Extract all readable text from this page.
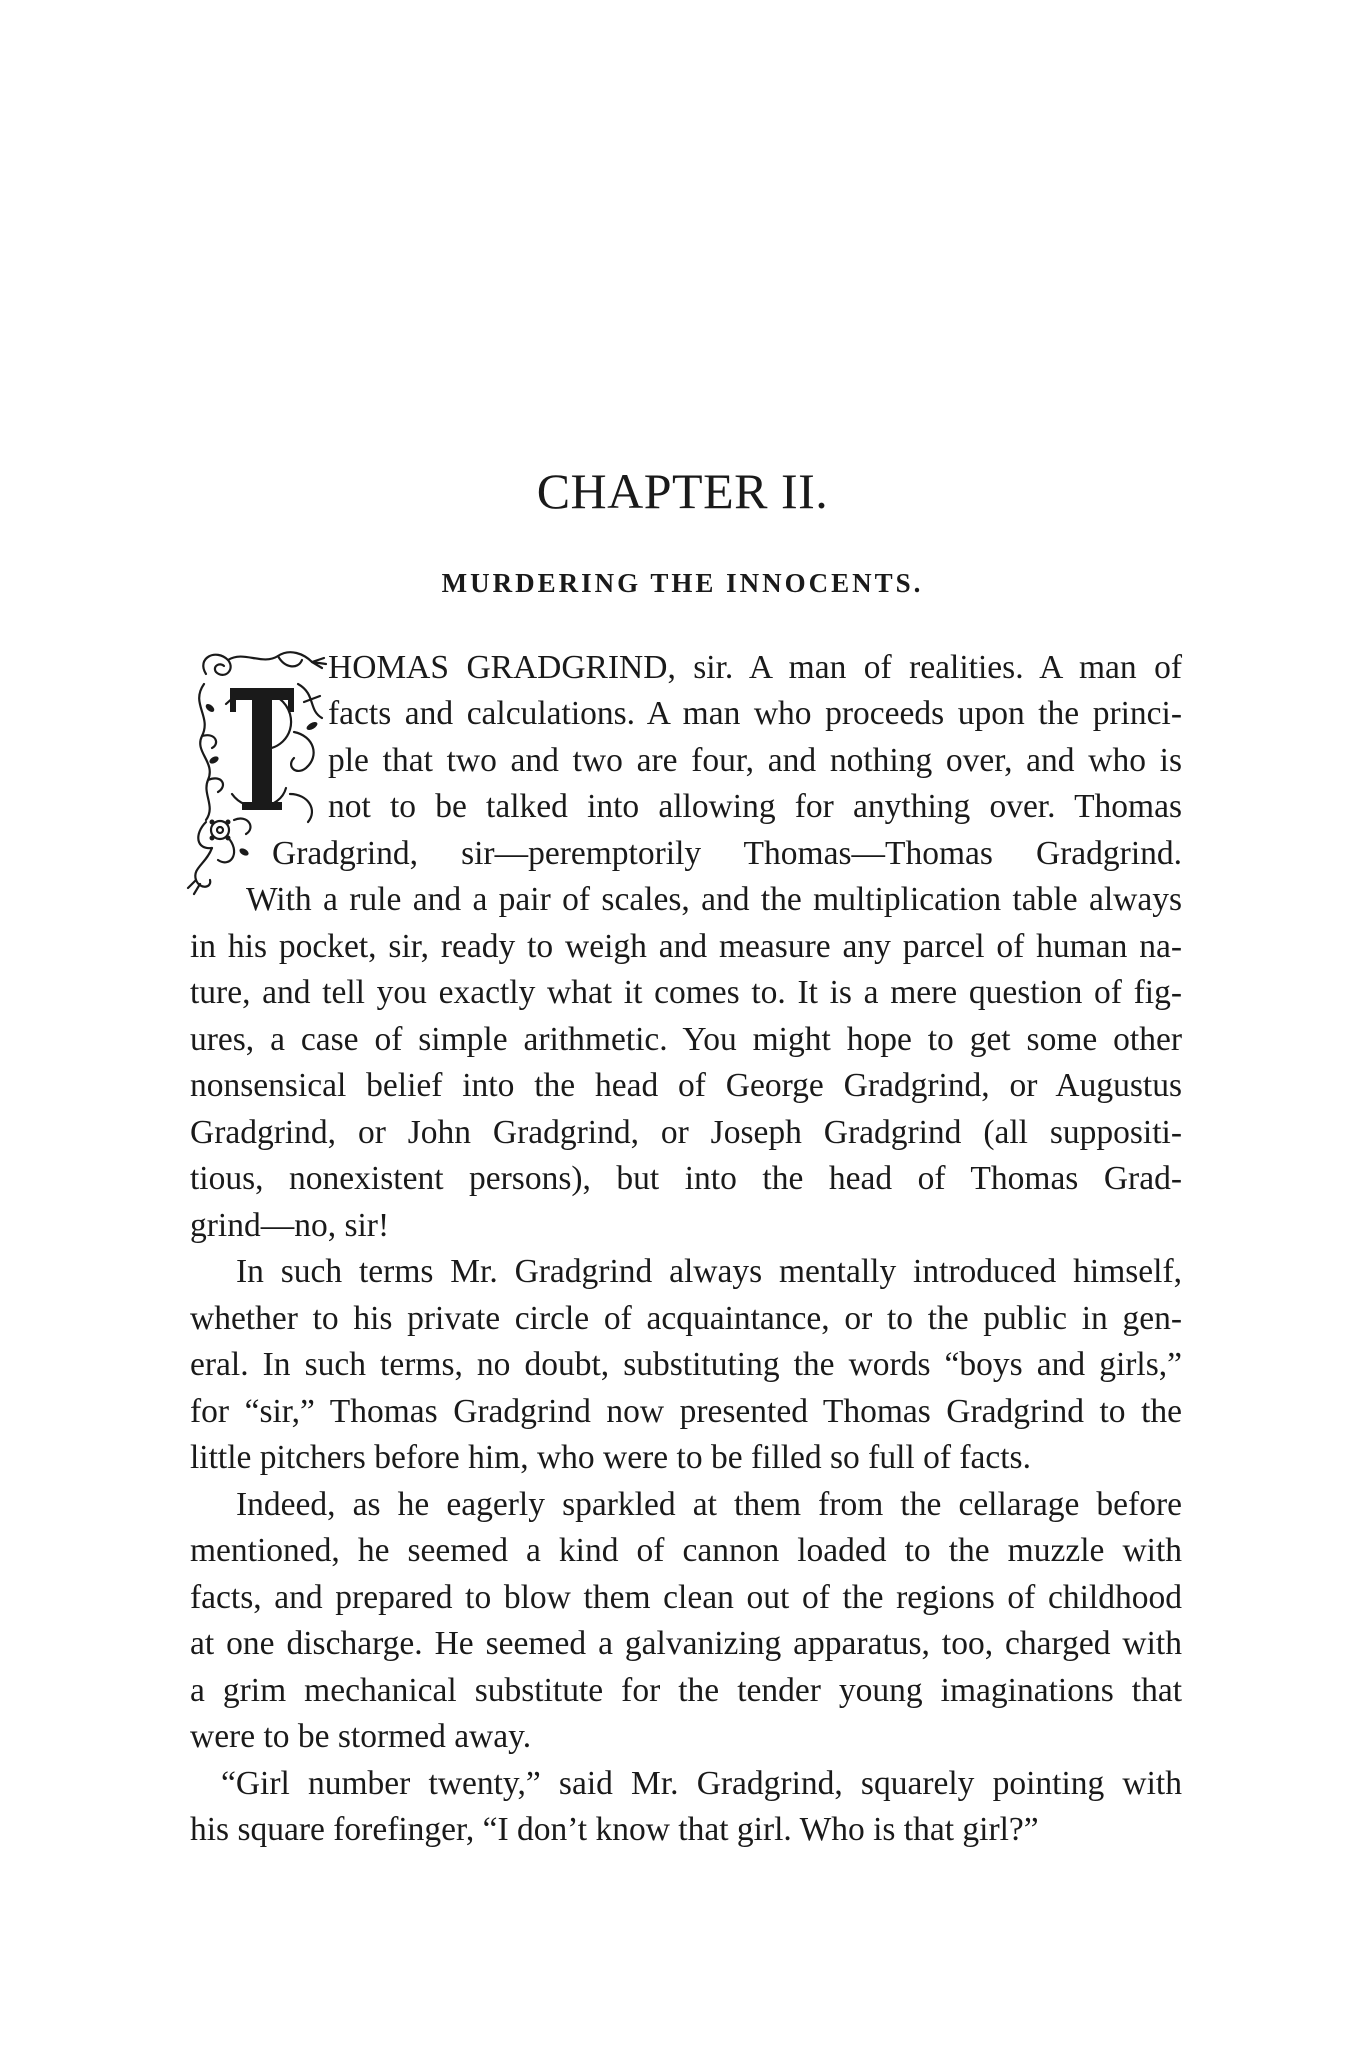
CHAPTER II.
MURDERING THE INNOCENTS.
HOMAS GRADGRIND, sir. A man of realities. A man of
facts and calculations. A man who proceeds upon the princi-
ple that two and two are four, and nothing over, and who is
not to be talked into allowing for anything over. Thomas
Gradgrind, sir—peremptorily Thomas—Thomas Gradgrind.
With a rule and a pair of scales, and the multiplication table always
in his pocket, sir, ready to weigh and measure any parcel of human na-
ture, and tell you exactly what it comes to. It is a mere question of fig-
ures, a case of simple arithmetic. You might hope to get some other
nonsensical belief into the head of George Gradgrind, or Augustus
Gradgrind, or John Gradgrind, or Joseph Gradgrind (all suppositi-
tious, nonexistent persons), but into the head of Thomas Grad-
grind—no, sir!
In such terms Mr. Gradgrind always mentally introduced himself,
whether to his private circle of acquaintance, or to the public in gen-
eral. In such terms, no doubt, substituting the words “boys and girls,”
for “sir,” Thomas Gradgrind now presented Thomas Gradgrind to the
little pitchers before him, who were to be filled so full of facts.
Indeed, as he eagerly sparkled at them from the cellarage before
mentioned, he seemed a kind of cannon loaded to the muzzle with
facts, and prepared to blow them clean out of the regions of childhood
at one discharge. He seemed a galvanizing apparatus, too, charged with
a grim mechanical substitute for the tender young imaginations that
were to be stormed away.
“Girl number twenty,” said Mr. Gradgrind, squarely pointing with
his square forefinger, “I don’t know that girl. Who is that girl?”
